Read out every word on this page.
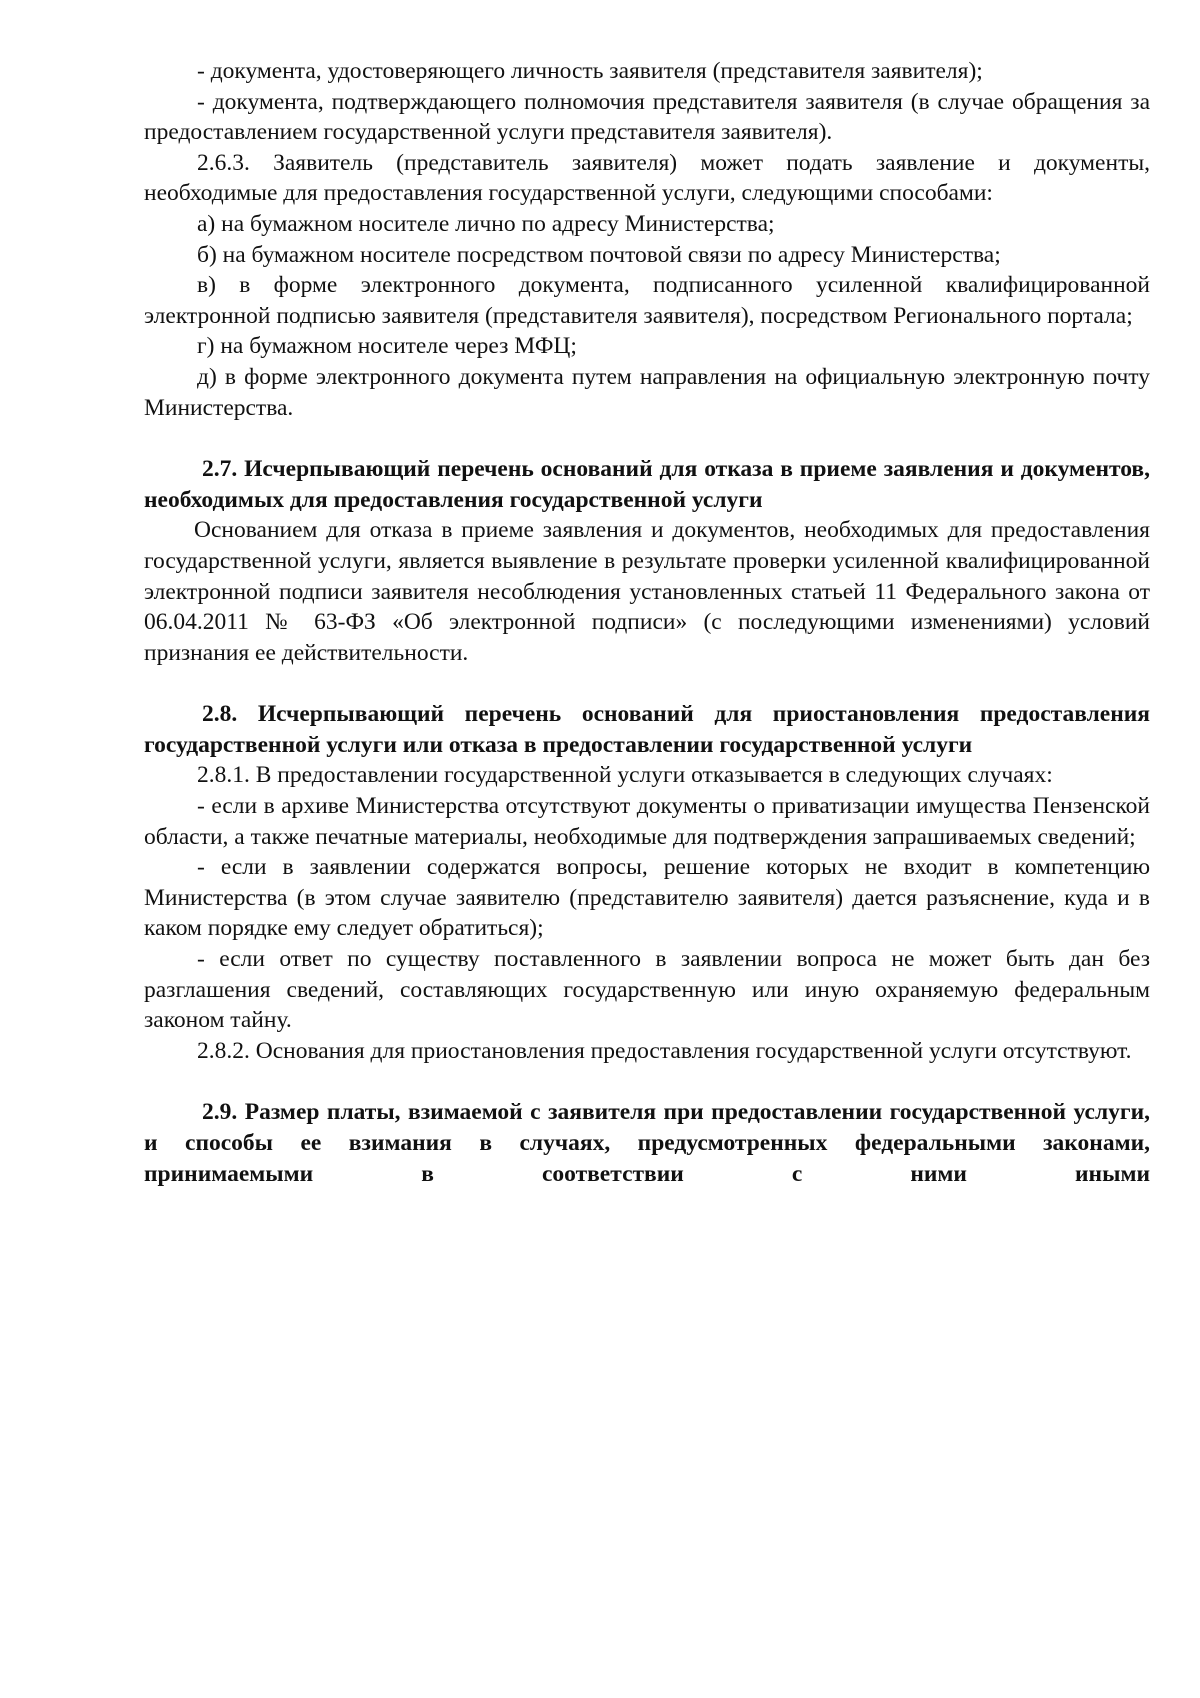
- документа, удостоверяющего личность заявителя (представителя заявителя);

- документа, подтверждающего полномочия представителя заявителя (в случае обращения за предоставлением государственной услуги представителя заявителя).

2.6.3. Заявитель (представитель заявителя) может подать заявление и документы, необходимые для предоставления государственной услуги, следующими способами:

а) на бумажном носителе лично по адресу Министерства;

б) на бумажном носителе посредством почтовой связи по адресу Министерства;

в) в форме электронного документа, подписанного усиленной квалифицированной электронной подписью заявителя (представителя заявителя), посредством Регионального портала;

г) на бумажном носителе через МФЦ;

д) в форме электронного документа путем направления на официальную электронную почту Министерства.

2.7. Исчерпывающий перечень оснований для отказа в приеме заявления и документов, необходимых для предоставления государственной услуги

Основанием для отказа в приеме заявления и документов, необходимых для предоставления государственной услуги, является выявление в результате проверки усиленной квалифицированной электронной подписи заявителя несоблюдения установленных статьей 11 Федерального закона от 06.04.2011 № 63-ФЗ «Об электронной подписи» (с последующими изменениями) условий признания ее действительности.

2.8. Исчерпывающий перечень оснований для приостановления предоставления государственной услуги или отказа в предоставлении государственной услуги

2.8.1. В предоставлении государственной услуги отказывается в следующих случаях:

- если в архиве Министерства отсутствуют документы о приватизации имущества Пензенской области, а также печатные материалы, необходимые для подтверждения запрашиваемых сведений;

- если в заявлении содержатся вопросы, решение которых не входит в компетенцию Министерства (в этом случае заявителю (представителю заявителя) дается разъяснение, куда и в каком порядке ему следует обратиться);

- если ответ по существу поставленного в заявлении вопроса не может быть дан без разглашения сведений, составляющих государственную или иную охраняемую федеральным законом тайну.

2.8.2. Основания для приостановления предоставления государственной услуги отсутствуют.

2.9. Размер платы, взимаемой с заявителя при предоставлении государственной услуги, и способы ее взимания в случаях, предусмотренных федеральными законами, принимаемыми в соответствии с ними иными
